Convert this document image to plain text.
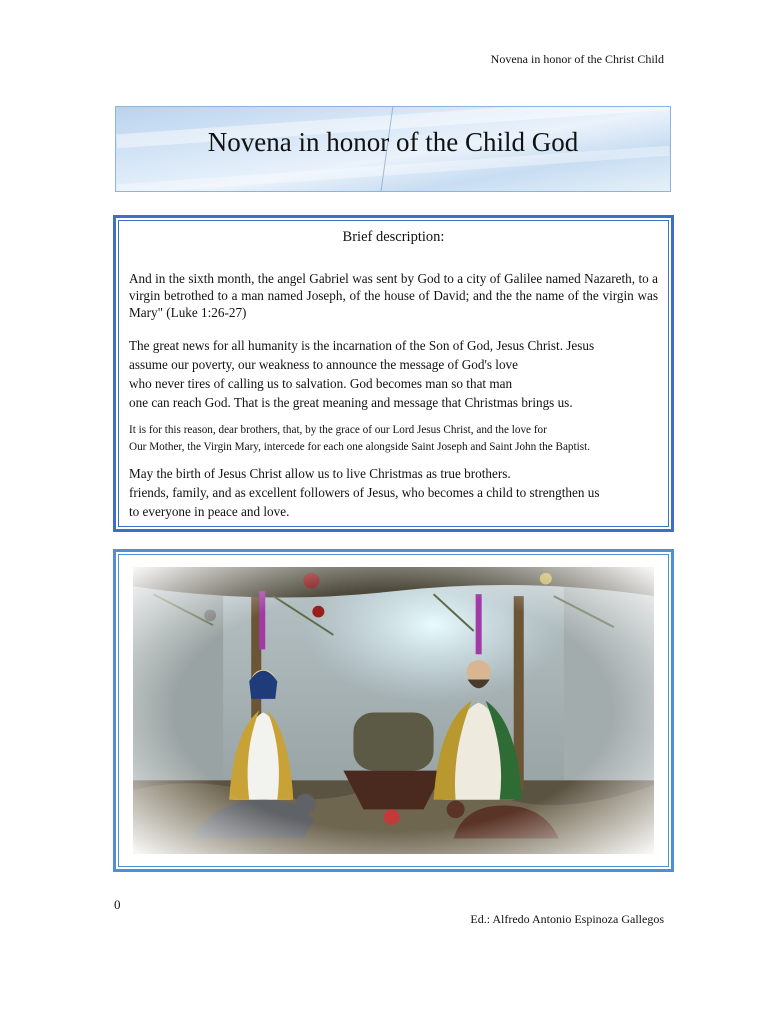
Novena in honor of the Christ Child
Novena in honor of the Child God
Brief description:

And in the sixth month, the angel Gabriel was sent by God to a city of Galilee named Nazareth, to a virgin betrothed to a man named Joseph, of the house of David; and the the name of the virgin was Mary" (Luke 1:26-27)

The great news for all humanity is the incarnation of the Son of God, Jesus Christ. Jesus
assume our poverty, our weakness to announce the message of God's love
who never tires of calling us to salvation. God becomes man so that man
one can reach God. That is the great meaning and message that Christmas brings us.

It is for this reason, dear brothers, that, by the grace of our Lord Jesus Christ, and the love for
Our Mother, the Virgin Mary, intercede for each one alongside Saint Joseph and Saint John the Baptist.

May the birth of Jesus Christ allow us to live Christmas as true brothers.
friends, family, and as excellent followers of Jesus, who becomes a child to strengthen us
to everyone in peace and love.

0
Ed.: Alfredo Antonio Espinoza Gallegos
